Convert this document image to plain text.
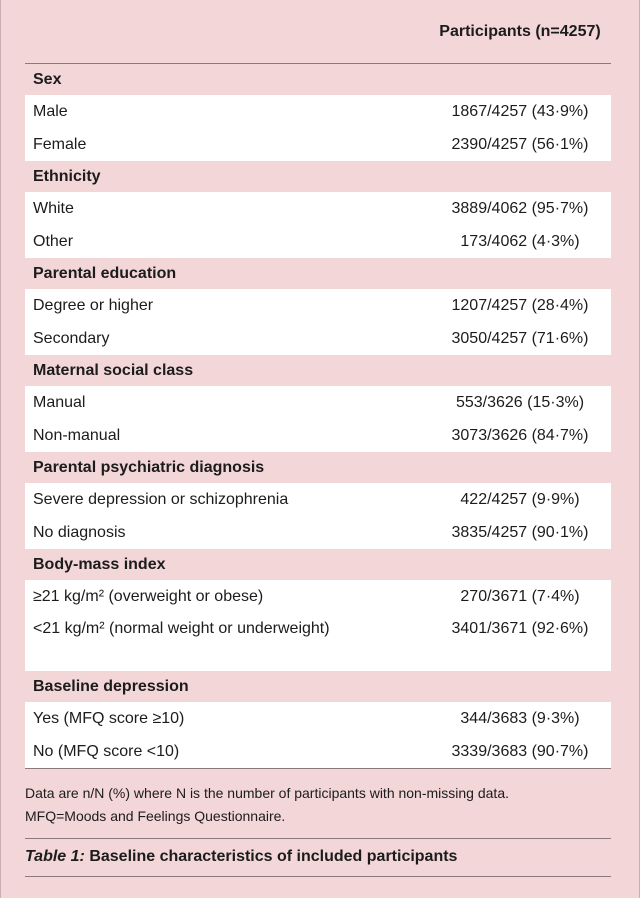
Participants (n=4257)
Sex
Male	1867/4257 (43·9%)
Female	2390/4257 (56·1%)
Ethnicity
White	3889/4062 (95·7%)
Other	173/4062 (4·3%)
Parental education
Degree or higher	1207/4257 (28·4%)
Secondary	3050/4257 (71·6%)
Maternal social class
Manual	553/3626 (15·3%)
Non-manual	3073/3626 (84·7%)
Parental psychiatric diagnosis
Severe depression or schizophrenia	422/4257 (9·9%)
No diagnosis	3835/4257 (90·1%)
Body-mass index
≥21 kg/m² (overweight or obese)	270/3671 (7·4%)
<21 kg/m² (normal weight or underweight)	3401/3671 (92·6%)
Baseline depression
Yes (MFQ score ≥10)	344/3683 (9·3%)
No (MFQ score <10)	3339/3683 (90·7%)
Data are n/N (%) where N is the number of participants with non-missing data.
MFQ=Moods and Feelings Questionnaire.
Table 1: Baseline characteristics of included participants
